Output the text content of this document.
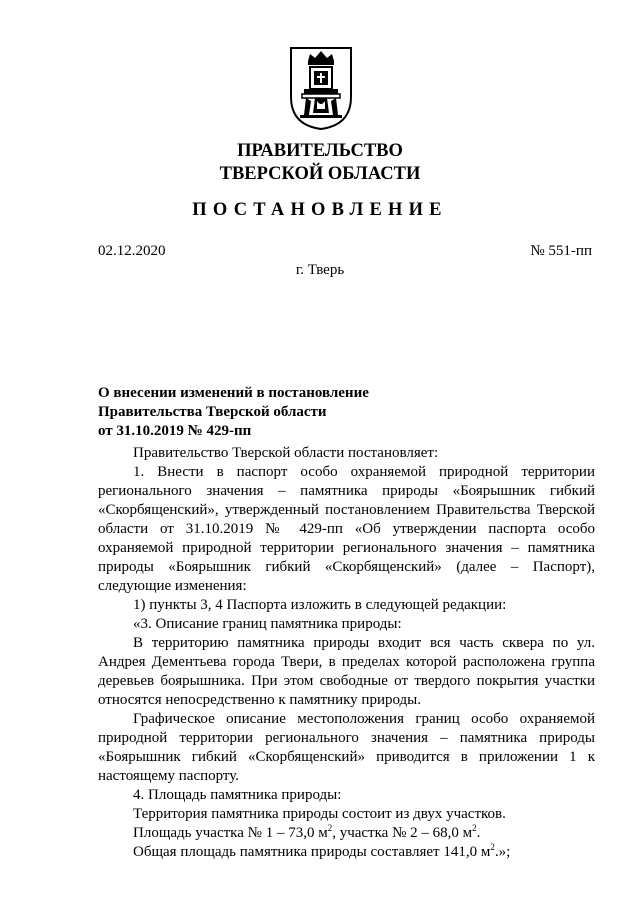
ПРАВИТЕЛЬСТВО
ТВЕРСКОЙ ОБЛАСТИ
ПОСТАНОВЛЕНИЕ
02.12.2020	№ 551-пп
г. Тверь
О внесении изменений в постановление
Правительства Тверской области
от 31.10.2019 № 429-пп

Правительство Тверской области постановляет:

1. Внести в паспорт особо охраняемой природной территории регионального значения – памятника природы «Боярышник гибкий «Скорбященский», утвержденный постановлением Правительства Тверской области от 31.10.2019 № 429-пп «Об утверждении паспорта особо охраняемой природной территории регионального значения – памятника природы «Боярышник гибкий «Скорбященский» (далее – Паспорт), следующие изменения:

1) пункты 3, 4 Паспорта изложить в следующей редакции:

«3. Описание границ памятника природы:

В территорию памятника природы входит вся часть сквера по ул. Андрея Дементьева города Твери, в пределах которой расположена группа деревьев боярышника. При этом свободные от твердого покрытия участки относятся непосредственно к памятнику природы.

Графическое описание местоположения границ особо охраняемой природной территории регионального значения – памятника природы «Боярышник гибкий «Скорбященский» приводится в приложении 1 к настоящему паспорту.

4. Площадь памятника природы:

Территория памятника природы состоит из двух участков.

Площадь участка № 1 – 73,0 $м^2$, участка № 2 – 68,0 $м^2$.

Общая площадь памятника природы составляет 141,0 $м^2$.»;
